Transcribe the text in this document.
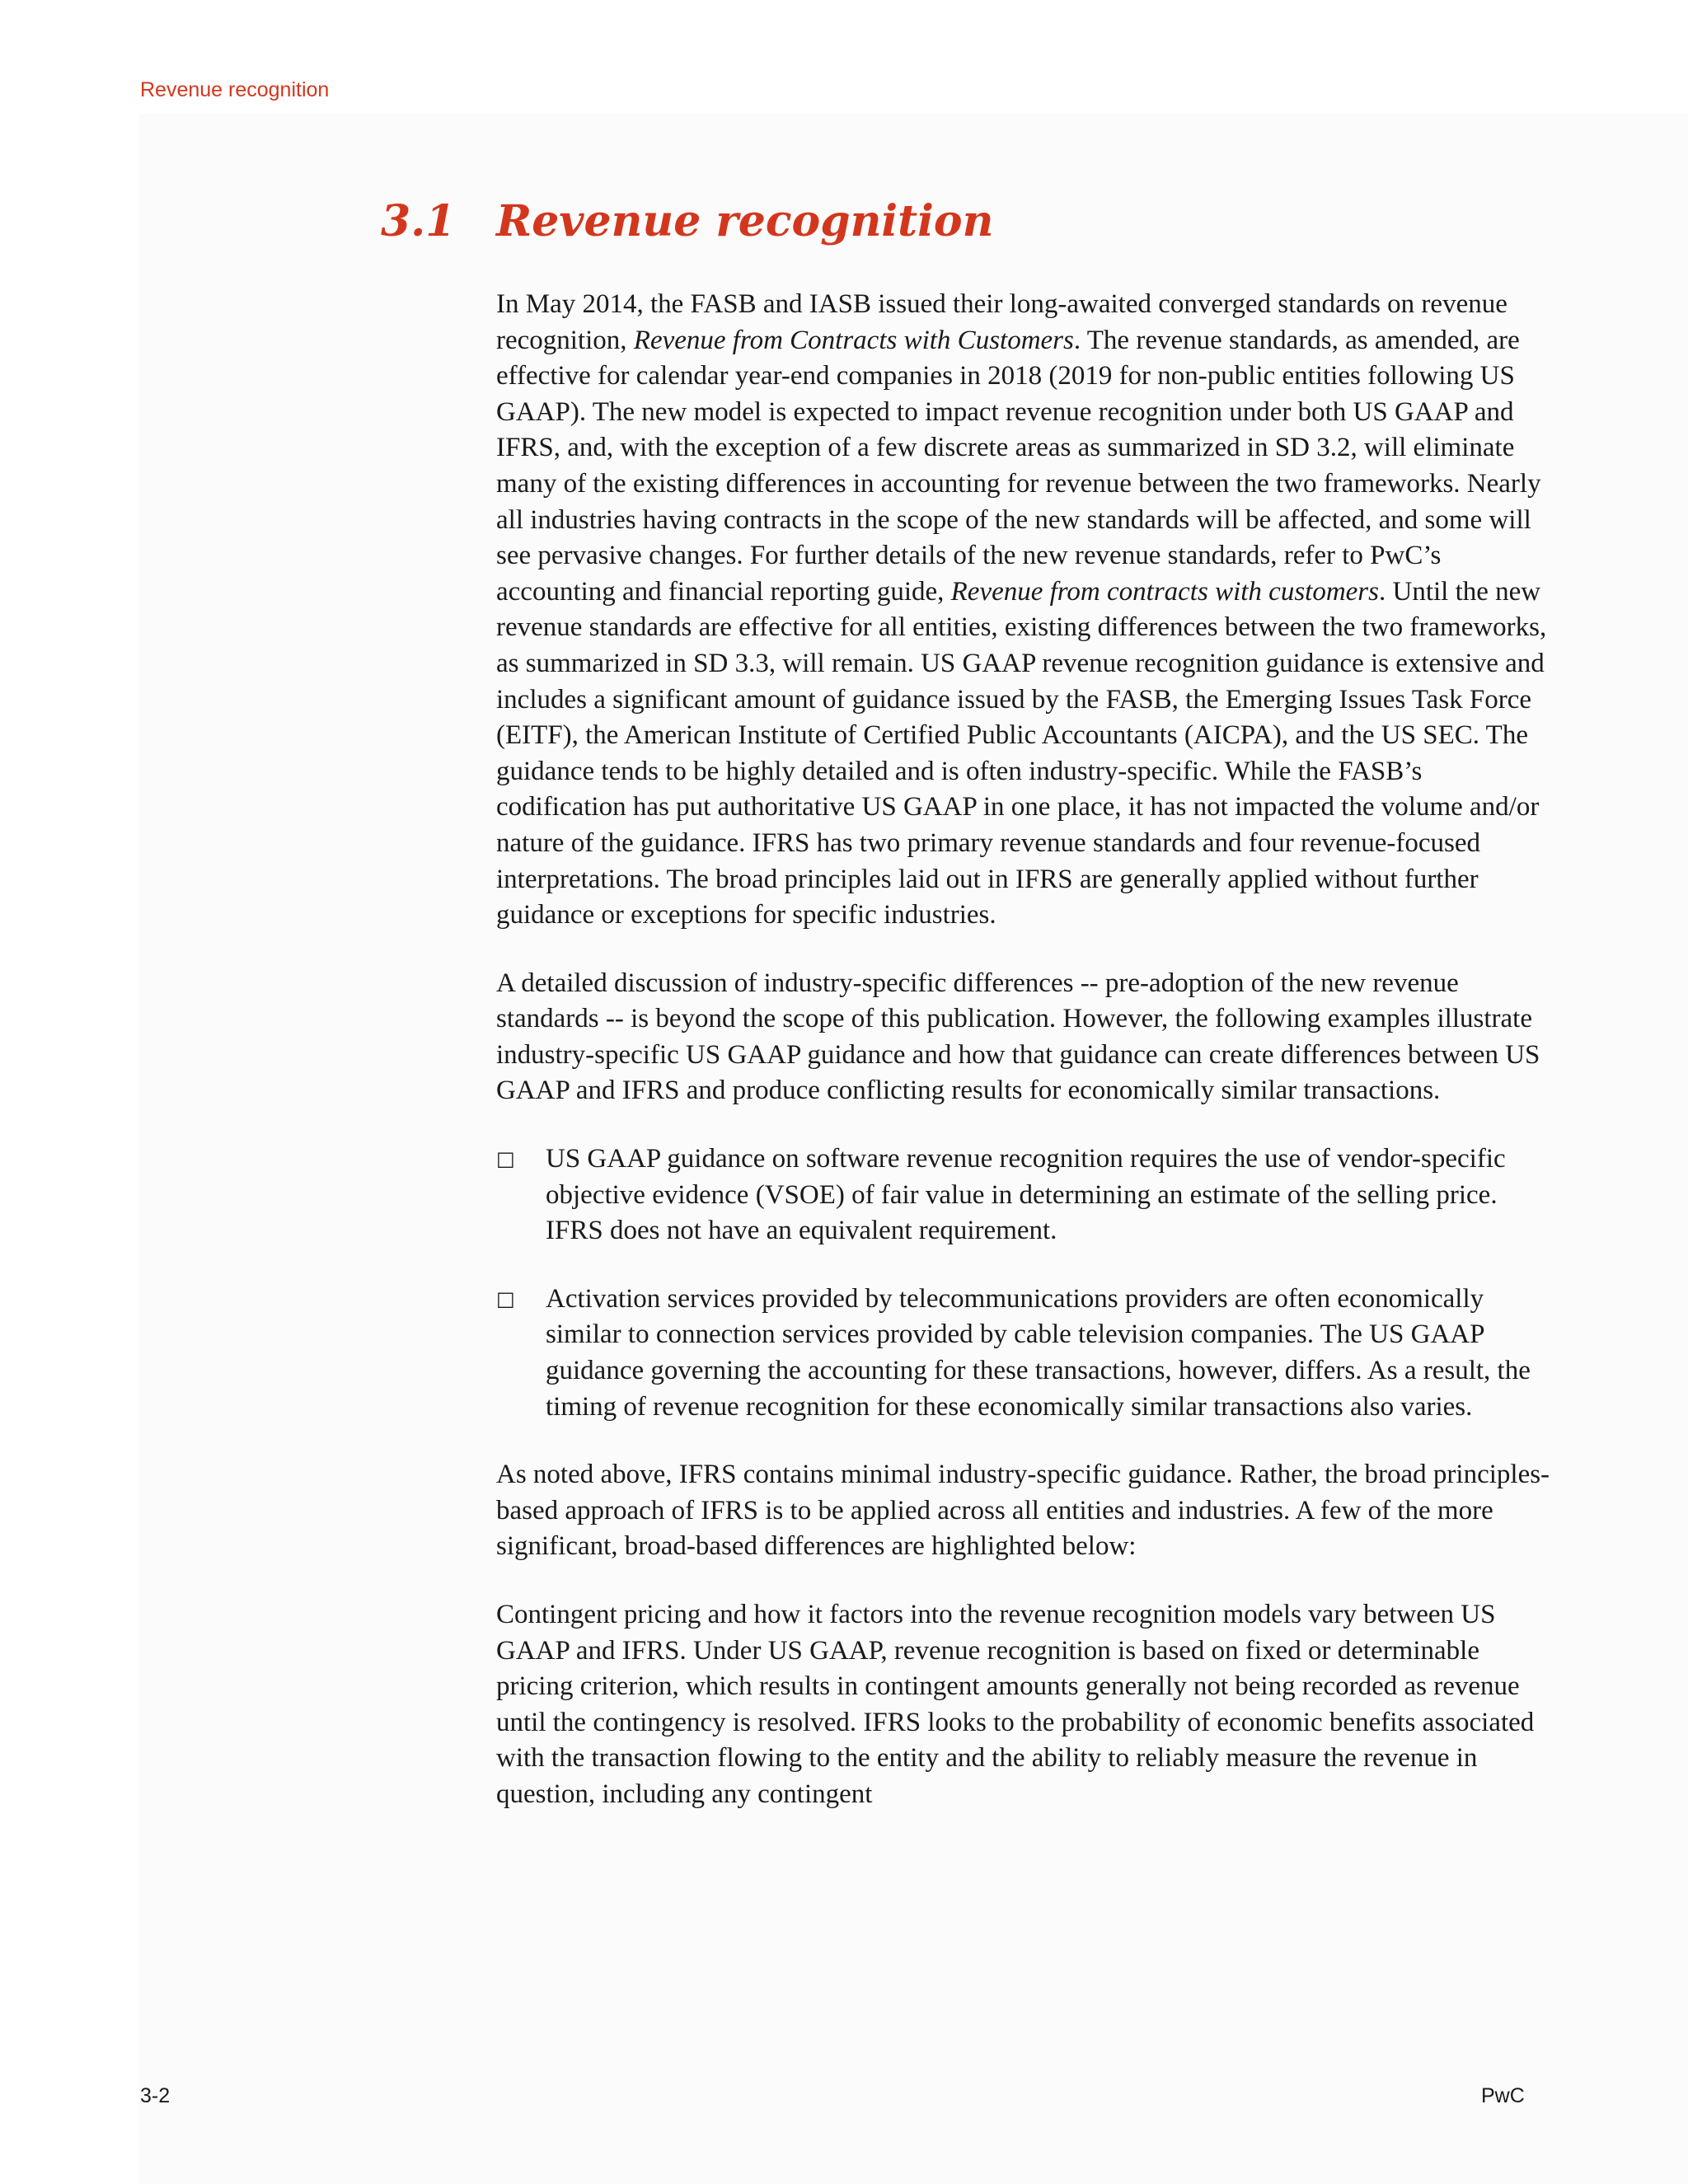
Revenue recognition
3.1 Revenue recognition

In May 2014, the FASB and IASB issued their long-awaited converged standards on revenue recognition, Revenue from Contracts with Customers. The revenue standards, as amended, are effective for calendar year-end companies in 2018 (2019 for non-public entities following US GAAP). The new model is expected to impact revenue recognition under both US GAAP and IFRS, and, with the exception of a few discrete areas as summarized in SD 3.2, will eliminate many of the existing differences in accounting for revenue between the two frameworks. Nearly all industries having contracts in the scope of the new standards will be affected, and some will see pervasive changes. For further details of the new revenue standards, refer to PwC’s accounting and financial reporting guide, Revenue from contracts with customers. Until the new revenue standards are effective for all entities, existing differences between the two frameworks, as summarized in SD 3.3, will remain. US GAAP revenue recognition guidance is extensive and includes a significant amount of guidance issued by the FASB, the Emerging Issues Task Force (EITF), the American Institute of Certified Public Accountants (AICPA), and the US SEC. The guidance tends to be highly detailed and is often industry-specific. While the FASB’s codification has put authoritative US GAAP in one place, it has not impacted the volume and/or nature of the guidance. IFRS has two primary revenue standards and four revenue-focused interpretations. The broad principles laid out in IFRS are generally applied without further guidance or exceptions for specific industries.

A detailed discussion of industry-specific differences -- pre-adoption of the new revenue standards -- is beyond the scope of this publication. However, the following examples illustrate industry-specific US GAAP guidance and how that guidance can create differences between US GAAP and IFRS and produce conflicting results for economically similar transactions.

□ US GAAP guidance on software revenue recognition requires the use of vendor-specific objective evidence (VSOE) of fair value in determining an estimate of the selling price. IFRS does not have an equivalent requirement.

□ Activation services provided by telecommunications providers are often economically similar to connection services provided by cable television companies. The US GAAP guidance governing the accounting for these transactions, however, differs. As a result, the timing of revenue recognition for these economically similar transactions also varies.

As noted above, IFRS contains minimal industry-specific guidance. Rather, the broad principles-based approach of IFRS is to be applied across all entities and industries. A few of the more significant, broad-based differences are highlighted below:

Contingent pricing and how it factors into the revenue recognition models vary between US GAAP and IFRS. Under US GAAP, revenue recognition is based on fixed or determinable pricing criterion, which results in contingent amounts generally not being recorded as revenue until the contingency is resolved. IFRS looks to the probability of economic benefits associated with the transaction flowing to the entity and the ability to reliably measure the revenue in question, including any contingent

3-2	PwC
